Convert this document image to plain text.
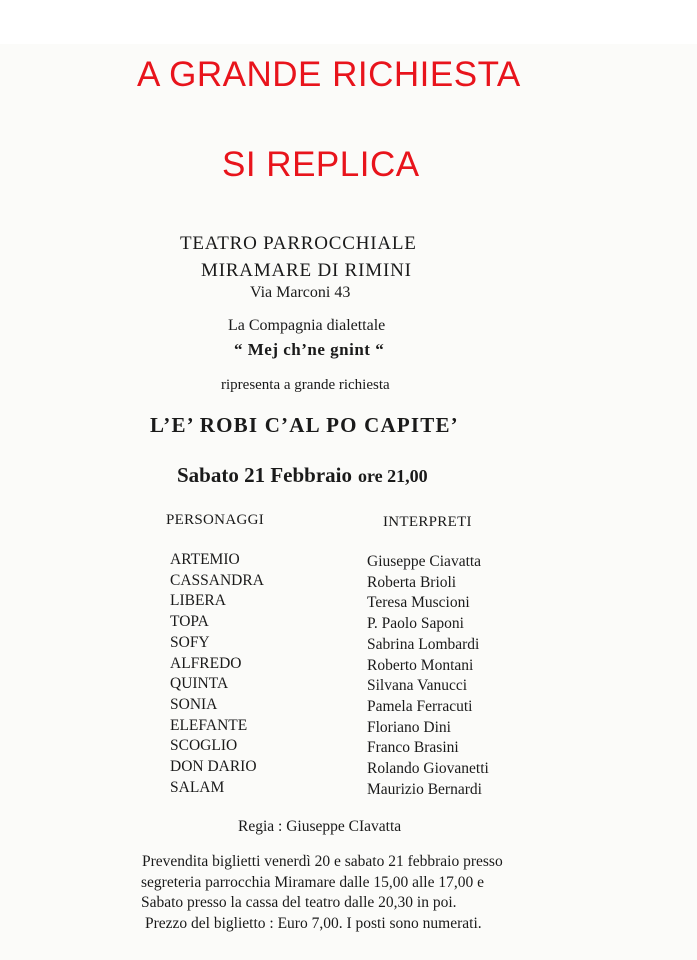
A GRANDE RICHIESTA
SI REPLICA
TEATRO PARROCCHIALE
MIRAMARE DI RIMINI
Via Marconi 43
La Compagnia dialettale
“ Mej ch’ne gnint “
ripresenta a grande richiesta
L’E’ ROBI C’AL PO CAPITE’
Sabato 21 Febbraio ore 21,00
PERSONAGGI	INTERPRETI
ARTEMIO	Giuseppe Ciavatta
CASSANDRA	Roberta Brioli
LIBERA	Teresa Muscioni
TOPA	P. Paolo Saponi
SOFY	Sabrina Lombardi
ALFREDO	Roberto Montani
QUINTA	Silvana Vanucci
SONIA	Pamela Ferracuti
ELEFANTE	Floriano Dini
SCOGLIO	Franco Brasini
DON DARIO	Rolando Giovanetti
SALAM	Maurizio Bernardi
Regia : Giuseppe CIavatta
Prevendita biglietti venerdì 20 e sabato 21 febbraio presso
segreteria parrocchia Miramare dalle 15,00 alle 17,00 e
Sabato presso la cassa del teatro dalle 20,30 in poi.
Prezzo del biglietto : Euro 7,00. I posti sono numerati.
